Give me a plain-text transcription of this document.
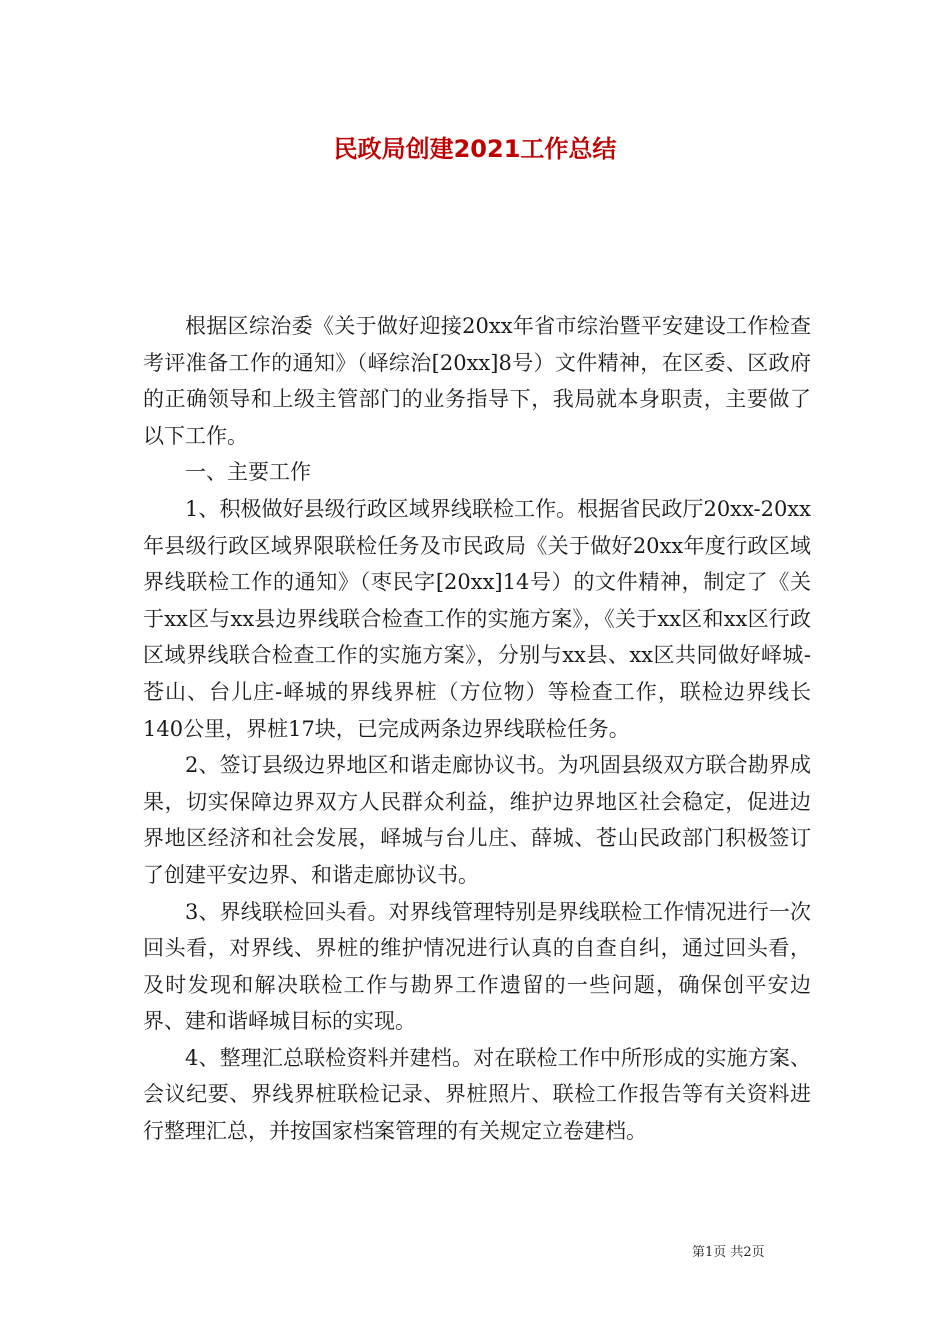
民政局创建2021工作总结

根据区综治委《关于做好迎接20xx年省市综治暨平安建设工作检查考评准备工作的通知》（峄综治[20xx]8号）文件精神，在区委、区政府的正确领导和上级主管部门的业务指导下，我局就本身职责，主要做了以下工作。

一、主要工作

1、积极做好县级行政区域界线联检工作。根据省民政厅20xx-20xx年县级行政区域界限联检任务及市民政局《关于做好20xx年度行政区域界线联检工作的通知》（枣民字[20xx]14号）的文件精神，制定了《关于xx区与xx县边界线联合检查工作的实施方案》，《关于xx区和xx区行政区域界线联合检查工作的实施方案》，分别与xx县、xx区共同做好峄城-苍山、台儿庄-峄城的界线界桩（方位物）等检查工作，联检边界线长140公里，界桩17块，已完成两条边界线联检任务。

2、签订县级边界地区和谐走廊协议书。为巩固县级双方联合勘界成果，切实保障边界双方人民群众利益，维护边界地区社会稳定，促进边界地区经济和社会发展，峄城与台儿庄、薛城、苍山民政部门积极签订了创建平安边界、和谐走廊协议书。

3、界线联检回头看。对界线管理特别是界线联检工作情况进行一次回头看，对界线、界桩的维护情况进行认真的自查自纠，通过回头看，及时发现和解决联检工作与勘界工作遗留的一些问题，确保创平安边界、建和谐峄城目标的实现。

4、整理汇总联检资料并建档。对在联检工作中所形成的实施方案、会议纪要、界线界桩联检记录、界桩照片、联检工作报告等有关资料进行整理汇总，并按国家档案管理的有关规定立卷建档。

第1页 共2页
